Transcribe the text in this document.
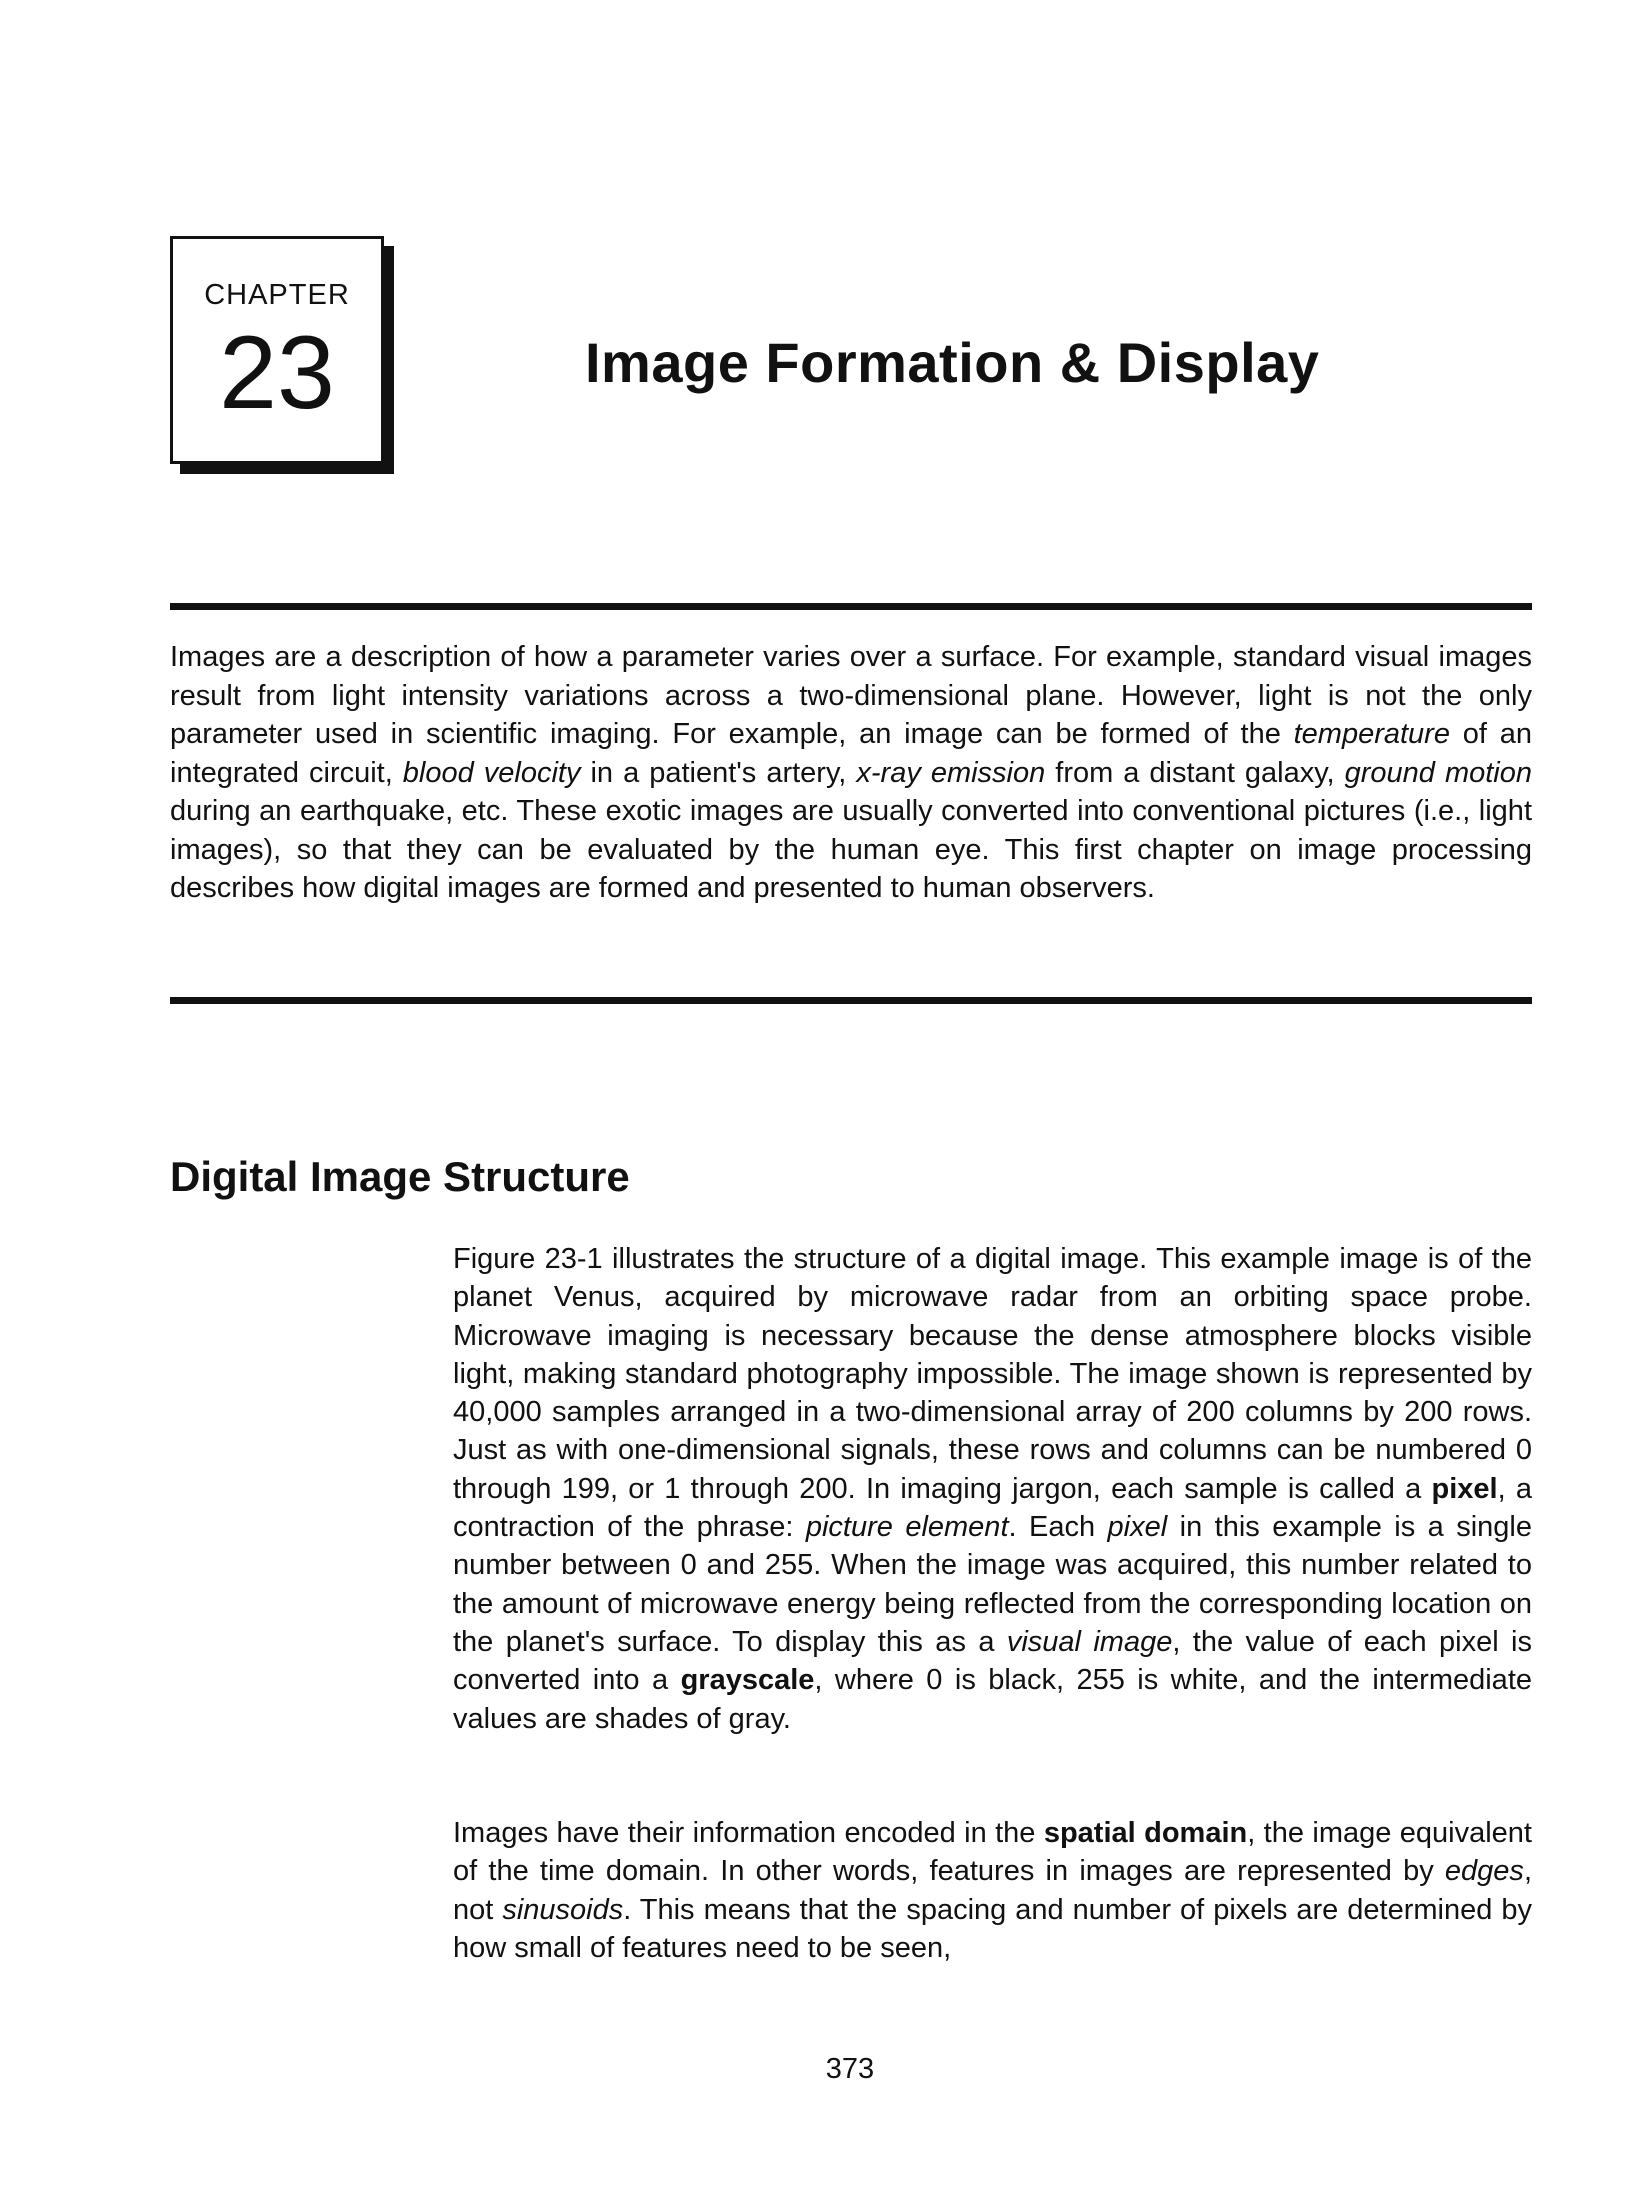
CHAPTER
23	Image Formation & Display

Images are a description of how a parameter varies over a surface. For example, standard visual images result from light intensity variations across a two-dimensional plane. However, light is not the only parameter used in scientific imaging. For example, an image can be formed of the temperature of an integrated circuit, blood velocity in a patient's artery, x-ray emission from a distant galaxy, ground motion during an earthquake, etc. These exotic images are usually converted into conventional pictures (i.e., light images), so that they can be evaluated by the human eye. This first chapter on image processing describes how digital images are formed and presented to human observers.

Digital Image Structure

Figure 23-1 illustrates the structure of a digital image. This example image is of the planet Venus, acquired by microwave radar from an orbiting space probe. Microwave imaging is necessary because the dense atmosphere blocks visible light, making standard photography impossible. The image shown is represented by 40,000 samples arranged in a two-dimensional array of 200 columns by 200 rows. Just as with one-dimensional signals, these rows and columns can be numbered 0 through 199, or 1 through 200. In imaging jargon, each sample is called a pixel, a contraction of the phrase: picture element. Each pixel in this example is a single number between 0 and 255. When the image was acquired, this number related to the amount of microwave energy being reflected from the corresponding location on the planet's surface. To display this as a visual image, the value of each pixel is converted into a grayscale, where 0 is black, 255 is white, and the intermediate values are shades of gray.

Images have their information encoded in the spatial domain, the image equivalent of the time domain. In other words, features in images are represented by edges, not sinusoids. This means that the spacing and number of pixels are determined by how small of features need to be seen,

373
